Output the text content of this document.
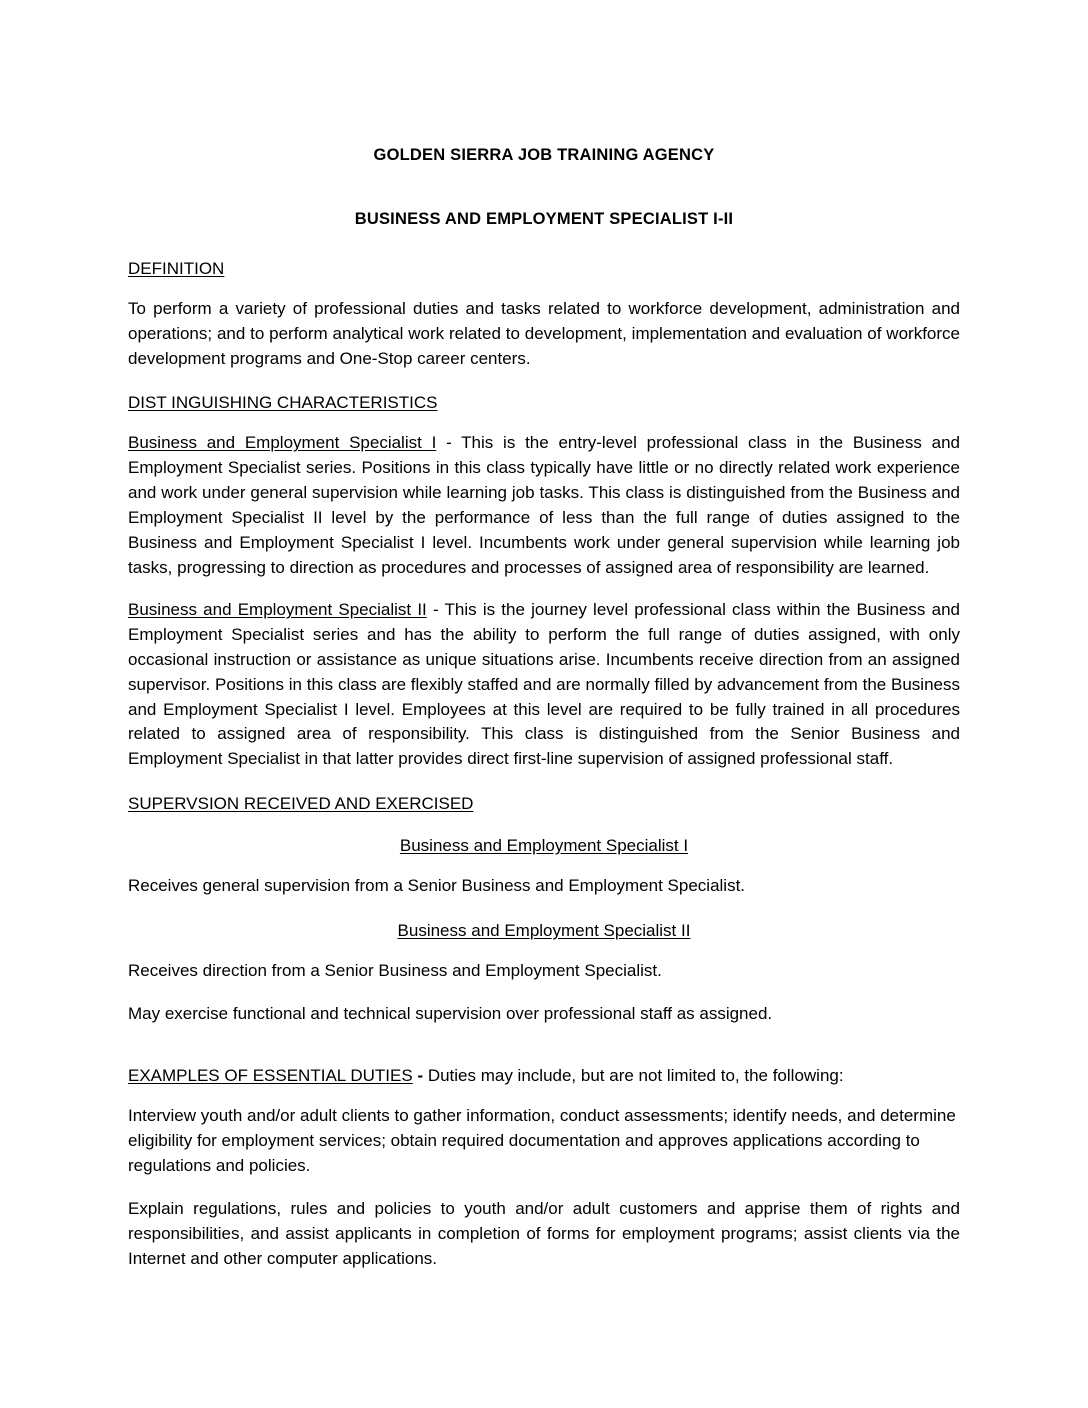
GOLDEN SIERRA JOB TRAINING AGENCY
BUSINESS AND EMPLOYMENT SPECIALIST I-II

DEFINITION

To perform a variety of professional duties and tasks related to workforce development, administration and operations; and to perform analytical work related to development, implementation and evaluation of workforce development programs and One-Stop career centers.

DIST INGUISHING CHARACTERISTICS

Business and Employment Specialist I - This is the entry-level professional class in the Business and Employment Specialist series. Positions in this class typically have little or no directly related work experience and work under general supervision while learning job tasks. This class is distinguished from the Business and Employment Specialist II level by the performance of less than the full range of duties assigned to the Business and Employment Specialist I level. Incumbents work under general supervision while learning job tasks, progressing to direction as procedures and processes of assigned area of responsibility are learned.

Business and Employment Specialist II - This is the journey level professional class within the Business and Employment Specialist series and has the ability to perform the full range of duties assigned, with only occasional instruction or assistance as unique situations arise. Incumbents receive direction from an assigned supervisor. Positions in this class are flexibly staffed and are normally filled by advancement from the Business and Employment Specialist I level. Employees at this level are required to be fully trained in all procedures related to assigned area of responsibility. This class is distinguished from the Senior Business and Employment Specialist in that latter provides direct first-line supervision of assigned professional staff.

SUPERVSION RECEIVED AND EXERCISED

Business and Employment Specialist I

Receives general supervision from a Senior Business and Employment Specialist.

Business and Employment Specialist II

Receives direction from a Senior Business and Employment Specialist.

May exercise functional and technical supervision over professional staff as assigned.

EXAMPLES OF ESSENTIAL DUTIES - Duties may include, but are not limited to, the following:

Interview youth and/or adult clients to gather information, conduct assessments; identify needs, and determine eligibility for employment services; obtain required documentation and approves applications according to regulations and policies.

Explain regulations, rules and policies to youth and/or adult customers and apprise them of rights and responsibilities, and assist applicants in completion of forms for employment programs; assist clients via the Internet and other computer applications.
